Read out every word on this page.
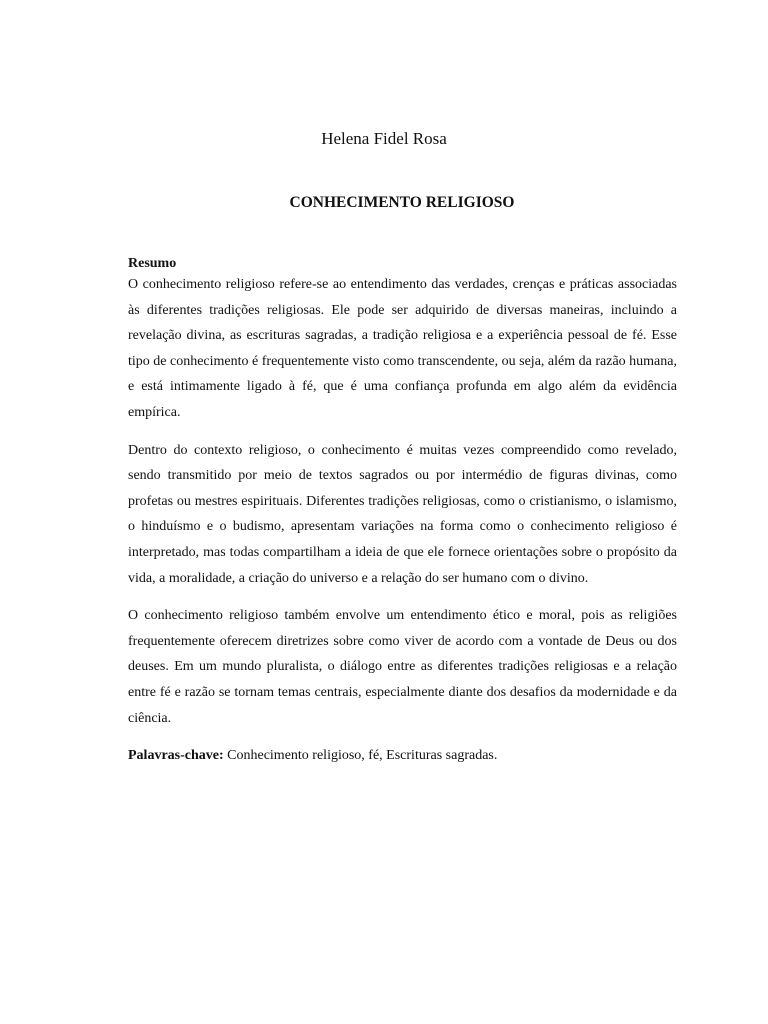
Helena Fidel Rosa

CONHECIMENTO RELIGIOSO

Resumo

O conhecimento religioso refere-se ao entendimento das verdades, crenças e práticas associadas às diferentes tradições religiosas. Ele pode ser adquirido de diversas maneiras, incluindo a revelação divina, as escrituras sagradas, a tradição religiosa e a experiência pessoal de fé. Esse tipo de conhecimento é frequentemente visto como transcendente, ou seja, além da razão humana, e está intimamente ligado à fé, que é uma confiança profunda em algo além da evidência empírica.

Dentro do contexto religioso, o conhecimento é muitas vezes compreendido como revelado, sendo transmitido por meio de textos sagrados ou por intermédio de figuras divinas, como profetas ou mestres espirituais. Diferentes tradições religiosas, como o cristianismo, o islamismo, o hinduísmo e o budismo, apresentam variações na forma como o conhecimento religioso é interpretado, mas todas compartilham a ideia de que ele fornece orientações sobre o propósito da vida, a moralidade, a criação do universo e a relação do ser humano com o divino.

O conhecimento religioso também envolve um entendimento ético e moral, pois as religiões frequentemente oferecem diretrizes sobre como viver de acordo com a vontade de Deus ou dos deuses. Em um mundo pluralista, o diálogo entre as diferentes tradições religiosas e a relação entre fé e razão se tornam temas centrais, especialmente diante dos desafios da modernidade e da ciência.

Palavras-chave: Conhecimento religioso, fé, Escrituras sagradas.
